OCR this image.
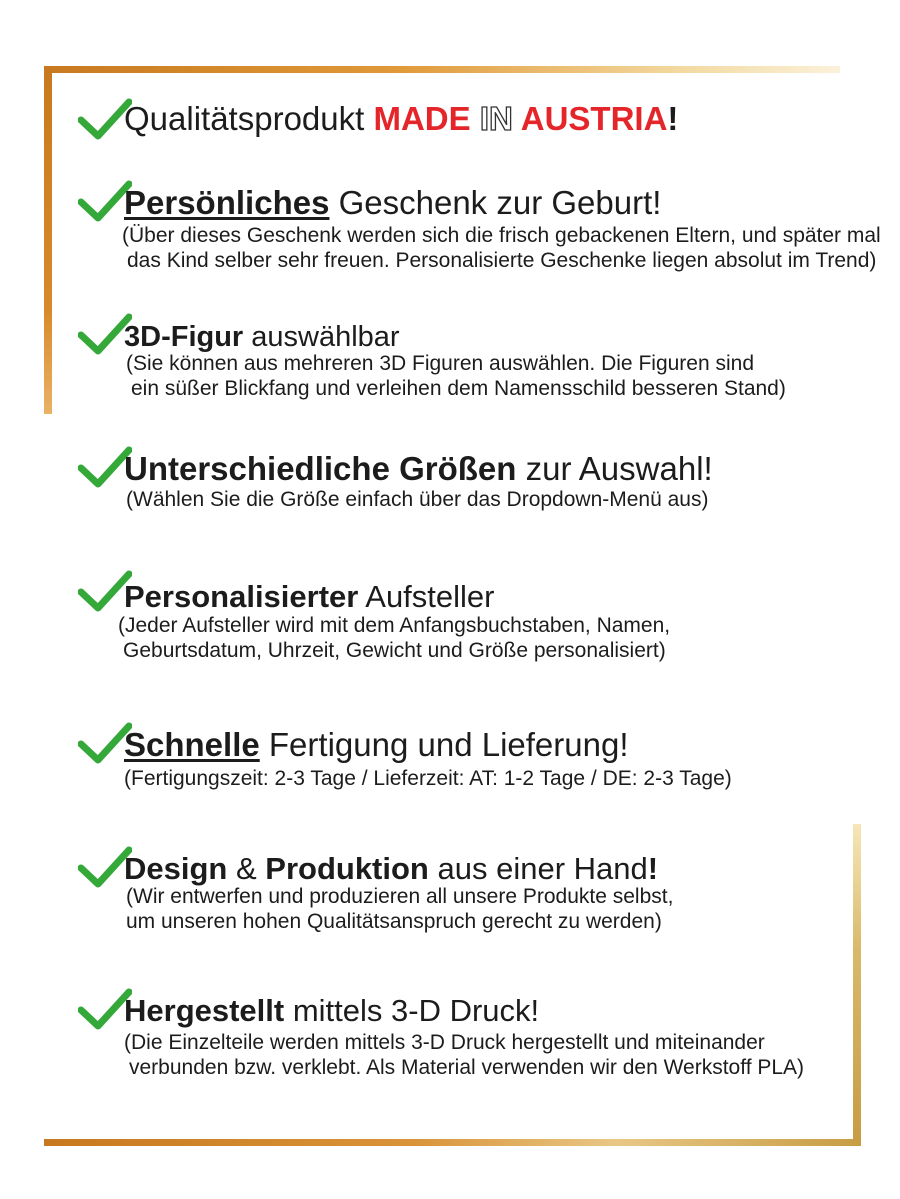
Qualitätsprodukt MADE IN AUSTRIA!
Persönliches Geschenk zur Geburt!
(Über dieses Geschenk werden sich die frisch gebackenen Eltern, und später mal
das Kind selber sehr freuen. Personalisierte Geschenke liegen absolut im Trend)
3D-Figur auswählbar
(Sie können aus mehreren 3D Figuren auswählen. Die Figuren sind
ein süßer Blickfang und verleihen dem Namensschild besseren Stand)
Unterschiedliche Größen zur Auswahl!
(Wählen Sie die Größe einfach über das Dropdown-Menü aus)
Personalisierter Aufsteller
(Jeder Aufsteller wird mit dem Anfangsbuchstaben, Namen,
Geburtsdatum, Uhrzeit, Gewicht und Größe personalisiert)
Schnelle Fertigung und Lieferung!
(Fertigungszeit: 2-3 Tage / Lieferzeit: AT: 1-2 Tage / DE: 2-3 Tage)
Design & Produktion aus einer Hand!
(Wir entwerfen und produzieren all unsere Produkte selbst,
um unseren hohen Qualitätsanspruch gerecht zu werden)
Hergestellt mittels 3-D Druck!
(Die Einzelteile werden mittels 3-D Druck hergestellt und miteinander
verbunden bzw. verklebt. Als Material verwenden wir den Werkstoff PLA)
